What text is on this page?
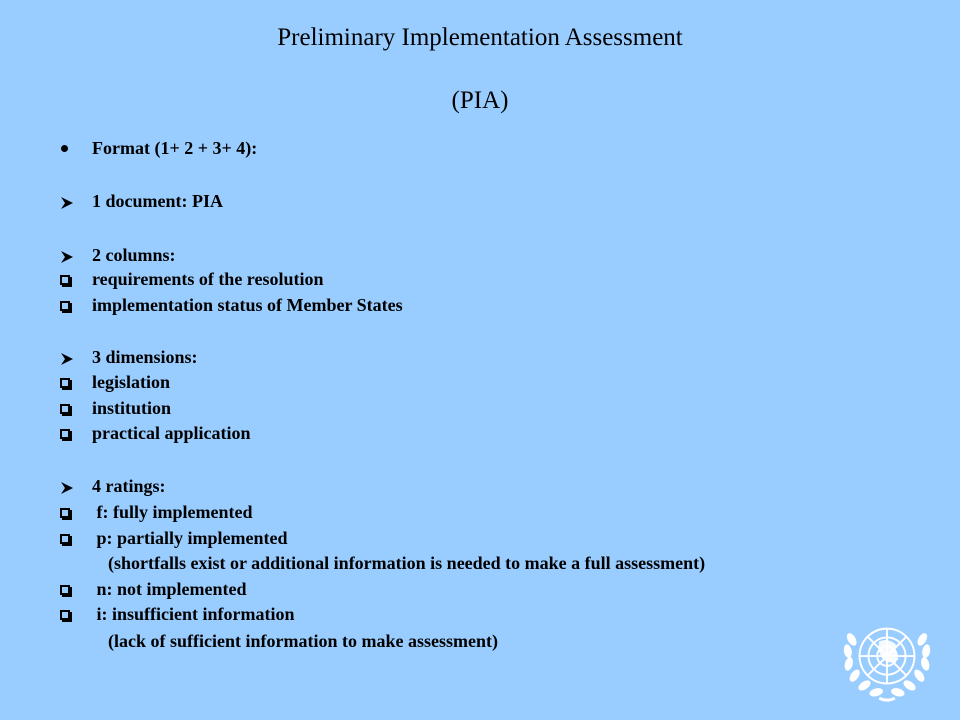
Preliminary Implementation Assessment
(PIA)
Format (1+ 2 + 3+ 4):
1 document: PIA
2 columns:
requirements of the resolution
implementation status of Member States
3 dimensions:
legislation
institution
practical application
4 ratings:
f: fully implemented
p: partially implemented
(shortfalls exist or additional information is needed to make a full assessment)
n: not implemented
i: insufficient information
(lack of sufficient information to make assessment)
